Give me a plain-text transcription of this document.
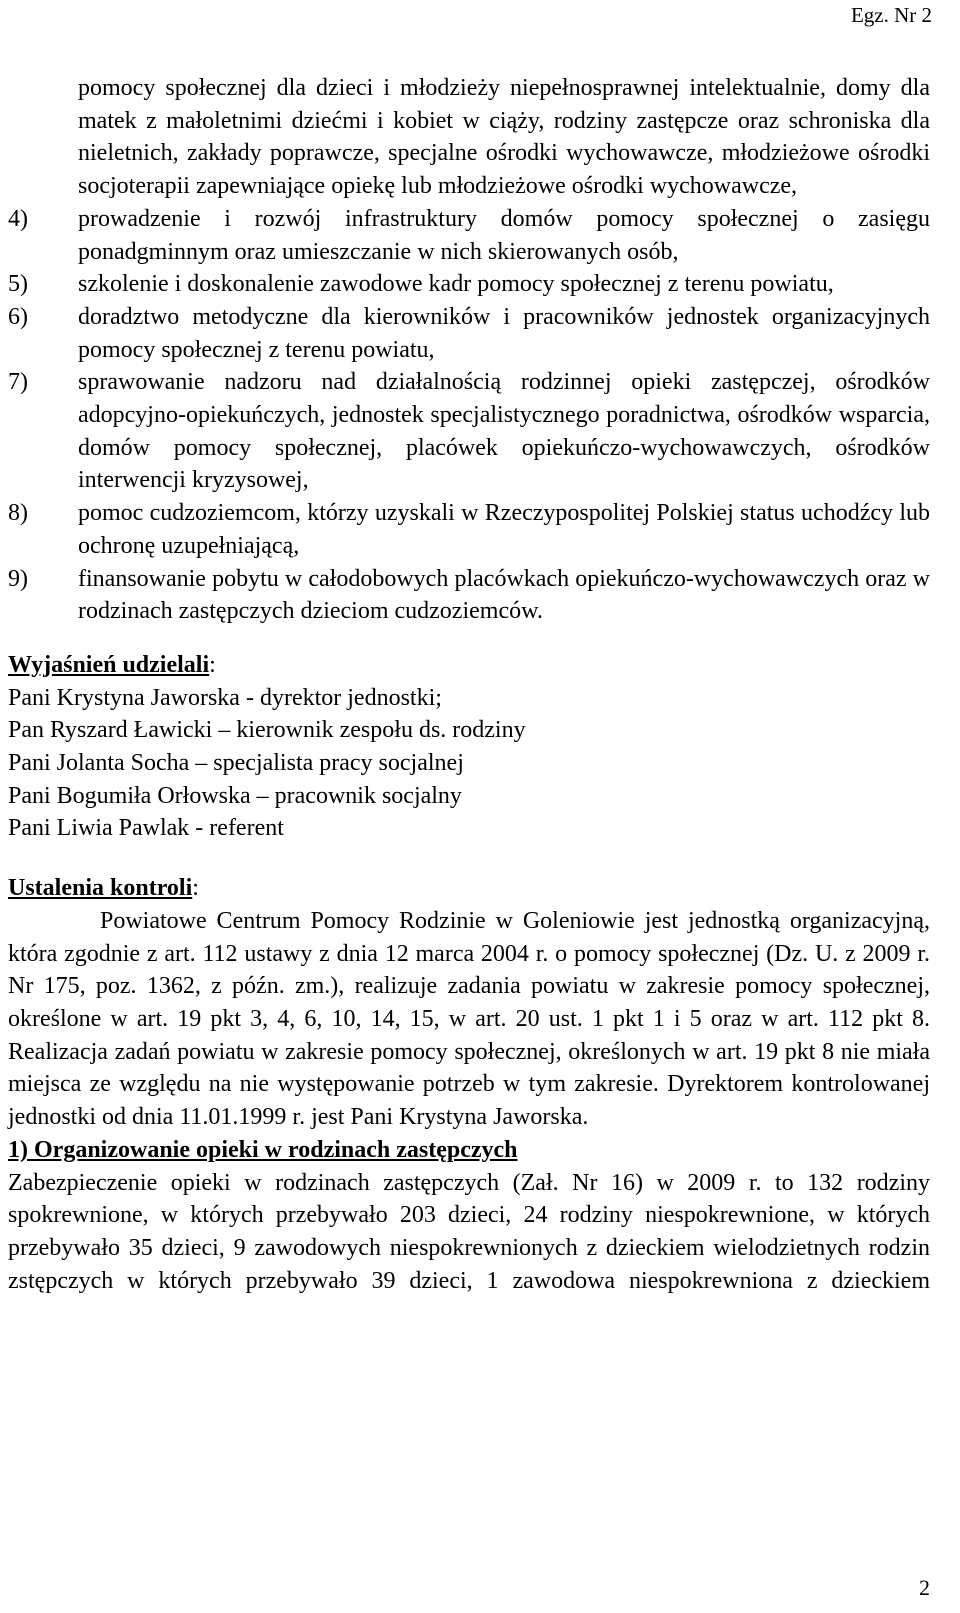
Egz. Nr 2
pomocy społecznej dla dzieci i młodzieży niepełnosprawnej intelektualnie, domy dla matek z małoletnimi dziećmi i kobiet w ciąży, rodziny zastępcze oraz schroniska dla nieletnich, zakłady poprawcze, specjalne ośrodki wychowawcze, młodzieżowe ośrodki socjoterapii zapewniające opiekę lub młodzieżowe ośrodki wychowawcze,
4)	prowadzenie i rozwój infrastruktury domów pomocy społecznej o zasięgu ponadgminnym oraz umieszczanie w nich skierowanych osób,
5)	szkolenie i doskonalenie zawodowe kadr pomocy społecznej z terenu powiatu,
6)	doradztwo metodyczne dla kierowników i pracowników jednostek organizacyjnych pomocy społecznej z terenu powiatu,
7)	sprawowanie nadzoru nad działalnością rodzinnej opieki zastępczej, ośrodków adopcyjno-opiekuńczych, jednostek specjalistycznego poradnictwa, ośrodków wsparcia, domów pomocy społecznej, placówek opiekuńczo-wychowawczych, ośrodków interwencji kryzysowej,
8)	pomoc cudzoziemcom, którzy uzyskali w Rzeczypospolitej Polskiej status uchodźcy lub ochronę uzupełniającą,
9)	finansowanie pobytu w całodobowych placówkach opiekuńczo-wychowawczych oraz w rodzinach zastępczych dzieciom cudzoziemców.
Wyjaśnień udzielali:
Pani Krystyna Jaworska - dyrektor jednostki;
Pan Ryszard Ławicki – kierownik zespołu ds. rodziny
Pani Jolanta Socha – specjalista pracy socjalnej
Pani Bogumiła Orłowska – pracownik socjalny
Pani Liwia Pawlak - referent
Ustalenia kontroli:
Powiatowe Centrum Pomocy Rodzinie w Goleniowie jest jednostką organizacyjną, która zgodnie z art. 112 ustawy z dnia 12 marca 2004 r. o pomocy społecznej (Dz. U. z 2009 r. Nr 175, poz. 1362, z późn. zm.), realizuje zadania powiatu w zakresie pomocy społecznej, określone w art. 19 pkt 3, 4, 6, 10, 14, 15, w art. 20 ust. 1 pkt 1 i 5 oraz w art. 112 pkt 8. Realizacja zadań powiatu w zakresie pomocy społecznej, określonych w art. 19 pkt 8 nie miała miejsca ze względu na nie występowanie potrzeb w tym zakresie. Dyrektorem kontrolowanej jednostki od dnia 11.01.1999 r. jest Pani Krystyna Jaworska.
1) Organizowanie opieki w rodzinach zastępczych
Zabezpieczenie opieki w rodzinach zastępczych (Zał. Nr 16) w 2009 r. to 132 rodziny spokrewnione, w których przebywało 203 dzieci, 24 rodziny niespokrewnione, w których przebywało 35 dzieci, 9 zawodowych niespokrewnionych z dzieckiem wielodzietnych rodzin zstępczych w których przebywało 39 dzieci, 1 zawodowa niespokrewniona z dzieckiem
2
